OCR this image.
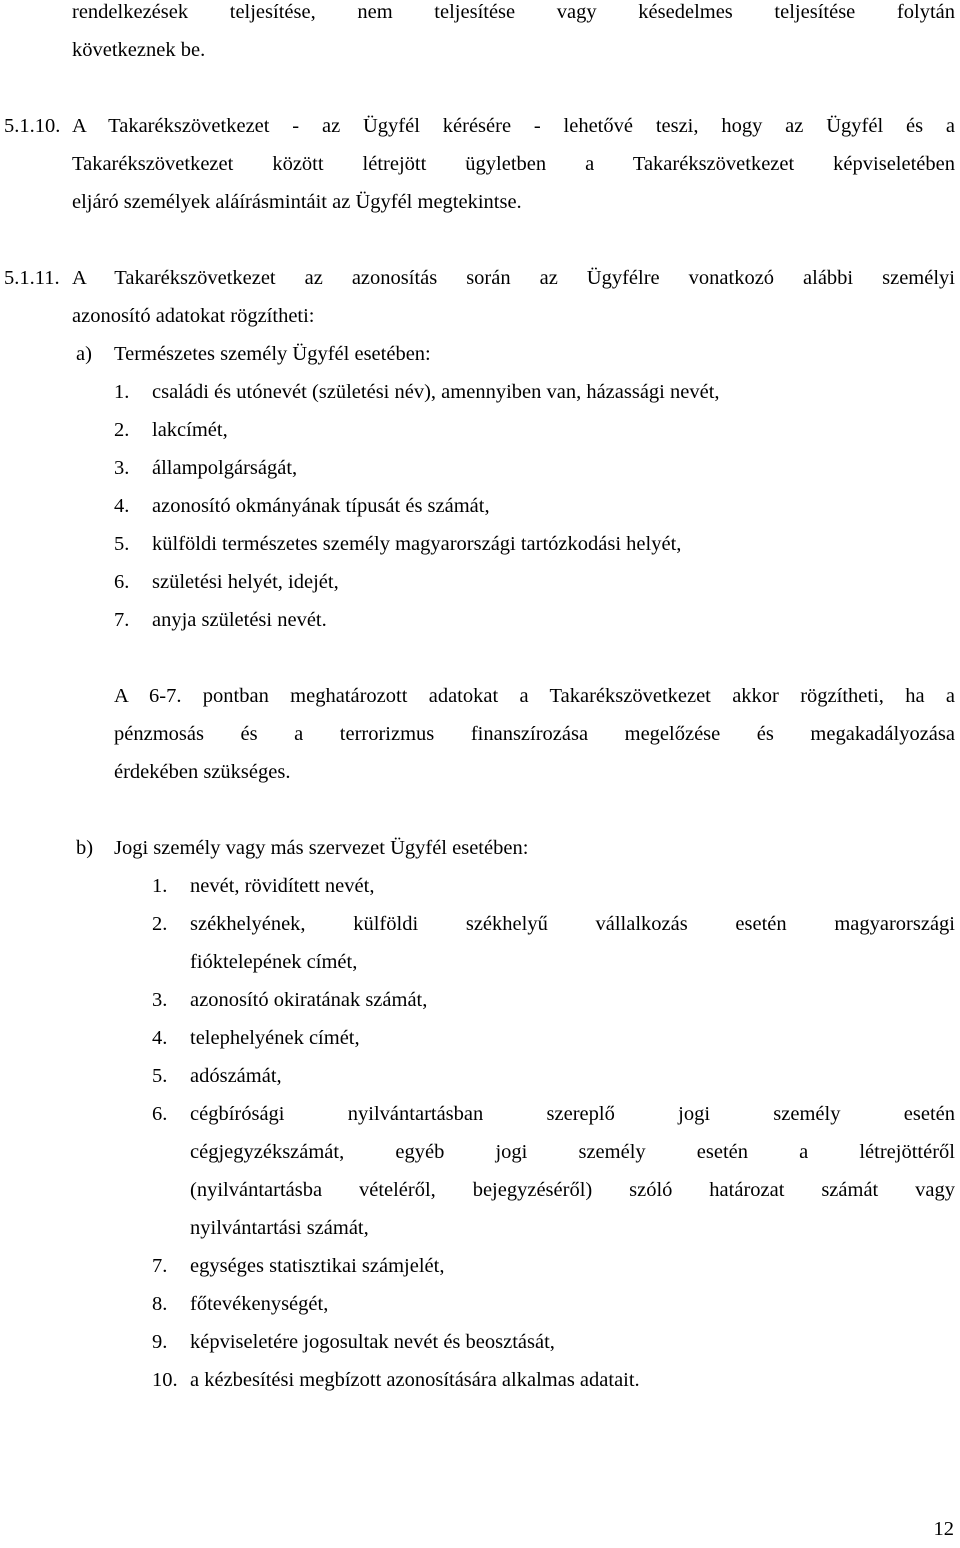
rendelkezések teljesítése, nem teljesítése vagy késedelmes teljesítése folytán
következnek be.
5.1.10. A Takarékszövetkezet - az Ügyfél kérésére - lehetővé teszi, hogy az Ügyfél és a
Takarékszövetkezet között létrejött ügyletben a Takarékszövetkezet képviseletében
eljáró személyek aláírásmintáit az Ügyfél megtekintse.
5.1.11. A Takarékszövetkezet az azonosítás során az Ügyfélre vonatkozó alábbi személyi
azonosító adatokat rögzítheti:
a) Természetes személy Ügyfél esetében:
1. családi és utónevét (születési név), amennyiben van, házassági nevét,
2. lakcímét,
3. állampolgárságát,
4. azonosító okmányának típusát és számát,
5. külföldi természetes személy magyarországi tartózkodási helyét,
6. születési helyét, idejét,
7. anyja születési nevét.
A 6-7. pontban meghatározott adatokat a Takarékszövetkezet akkor rögzítheti, ha a
pénzmosás és a terrorizmus finanszírozása megelőzése és megakadályozása
érdekében szükséges.
b) Jogi személy vagy más szervezet Ügyfél esetében:
1. nevét, rövidített nevét,
2. székhelyének, külföldi székhelyű vállalkozás esetén magyarországi
fióktelepének címét,
3. azonosító okiratának számát,
4. telephelyének címét,
5. adószámát,
6. cégbírósági nyilvántartásban szereplő jogi személy esetén
cégjegyzékszámát, egyéb jogi személy esetén a létrejöttéről
(nyilvántartásba vételéről, bejegyzéséről) szóló határozat számát vagy
nyilvántartási számát,
7. egységes statisztikai számjelét,
8. főtevékenységét,
9. képviseletére jogosultak nevét és beosztását,
10. a kézbesítési megbízott azonosítására alkalmas adatait.
12
